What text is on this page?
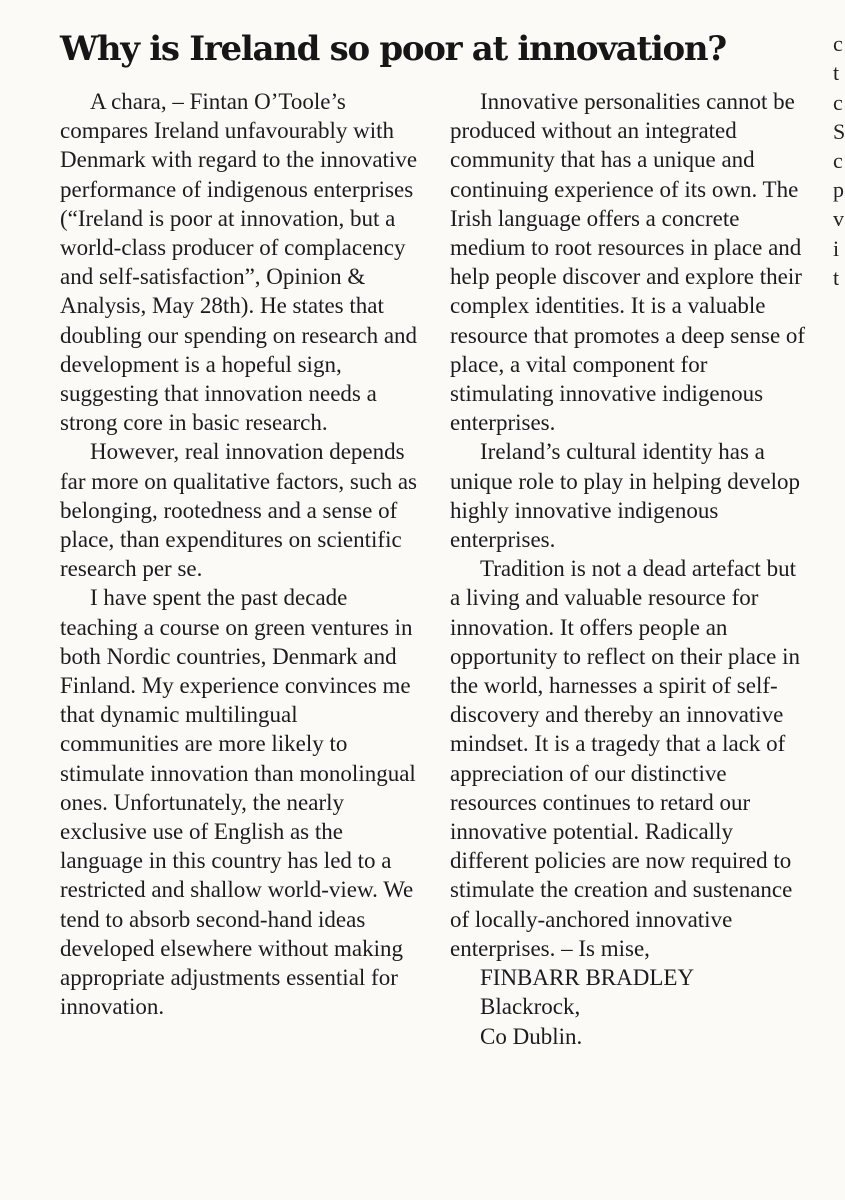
Why is Ireland so poor at innovation?

A chara, – Fintan O’Toole’s compares Ireland unfavourably with Denmark with regard to the innovative performance of indigenous enterprises (“Ireland is poor at innovation, but a world-class producer of complacency and self-satisfaction”, Opinion & Analysis, May 28th). He states that doubling our spending on research and development is a hopeful sign, suggesting that innovation needs a strong core in basic research.

However, real innovation depends far more on qualitative factors, such as belonging, rootedness and a sense of place, than expenditures on scientific research per se.

I have spent the past decade teaching a course on green ventures in both Nordic countries, Denmark and Finland. My experience convinces me that dynamic multilingual communities are more likely to stimulate innovation than monolingual ones. Unfortunately, the nearly exclusive use of English as the language in this country has led to a restricted and shallow world-view. We tend to absorb second-hand ideas developed elsewhere without making appropriate adjustments essential for innovation.

Innovative personalities cannot be produced without an integrated community that has a unique and continuing experience of its own. The Irish language offers a concrete medium to root resources in place and help people discover and explore their complex identities. It is a valuable resource that promotes a deep sense of place, a vital component for stimulating innovative indigenous enterprises.

Ireland’s cultural identity has a unique role to play in helping develop highly innovative indigenous enterprises.

Tradition is not a dead artefact but a living and valuable resource for innovation. It offers people an opportunity to reflect on their place in the world, harnesses a spirit of self-discovery and thereby an innovative mindset. It is a tragedy that a lack of appreciation of our distinctive resources continues to retard our innovative potential. Radically different policies are now required to stimulate the creation and sustenance of locally-anchored innovative enterprises. – Is mise,

FINBARR BRADLEY
Blackrock,
Co Dublin.

c
t
c
S
c
p
v
i
t
